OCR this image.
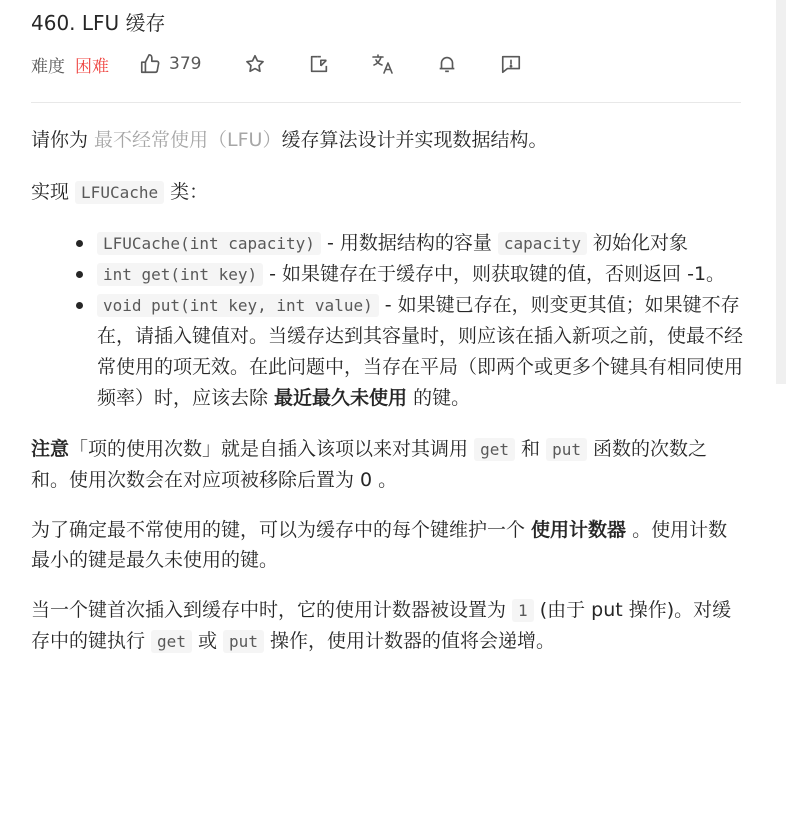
460. LFU 缓存
难度 困难	379

请你为 最不经常使用（LFU）缓存算法设计并实现数据结构。

实现 LFUCache 类：

LFUCache(int capacity) - 用数据结构的容量 capacity 初始化对象
int get(int key) - 如果键存在于缓存中，则获取键的值，否则返回 -1。
void put(int key, int value) - 如果键已存在，则变更其值；如果键不存在，请插入键值对。当缓存达到其容量时，则应该在插入新项之前，使最不经常使用的项无效。在此问题中，当存在平局（即两个或更多个键具有相同使用频率）时，应该去除 最近最久未使用 的键。

注意「项的使用次数」就是自插入该项以来对其调用 get 和 put 函数的次数之和。使用次数会在对应项被移除后置为 0 。

为了确定最不常使用的键，可以为缓存中的每个键维护一个 使用计数器 。使用计数最小的键是最久未使用的键。

当一个键首次插入到缓存中时，它的使用计数器被设置为 1 (由于 put 操作)。对缓存中的键执行 get 或 put 操作，使用计数器的值将会递增。
